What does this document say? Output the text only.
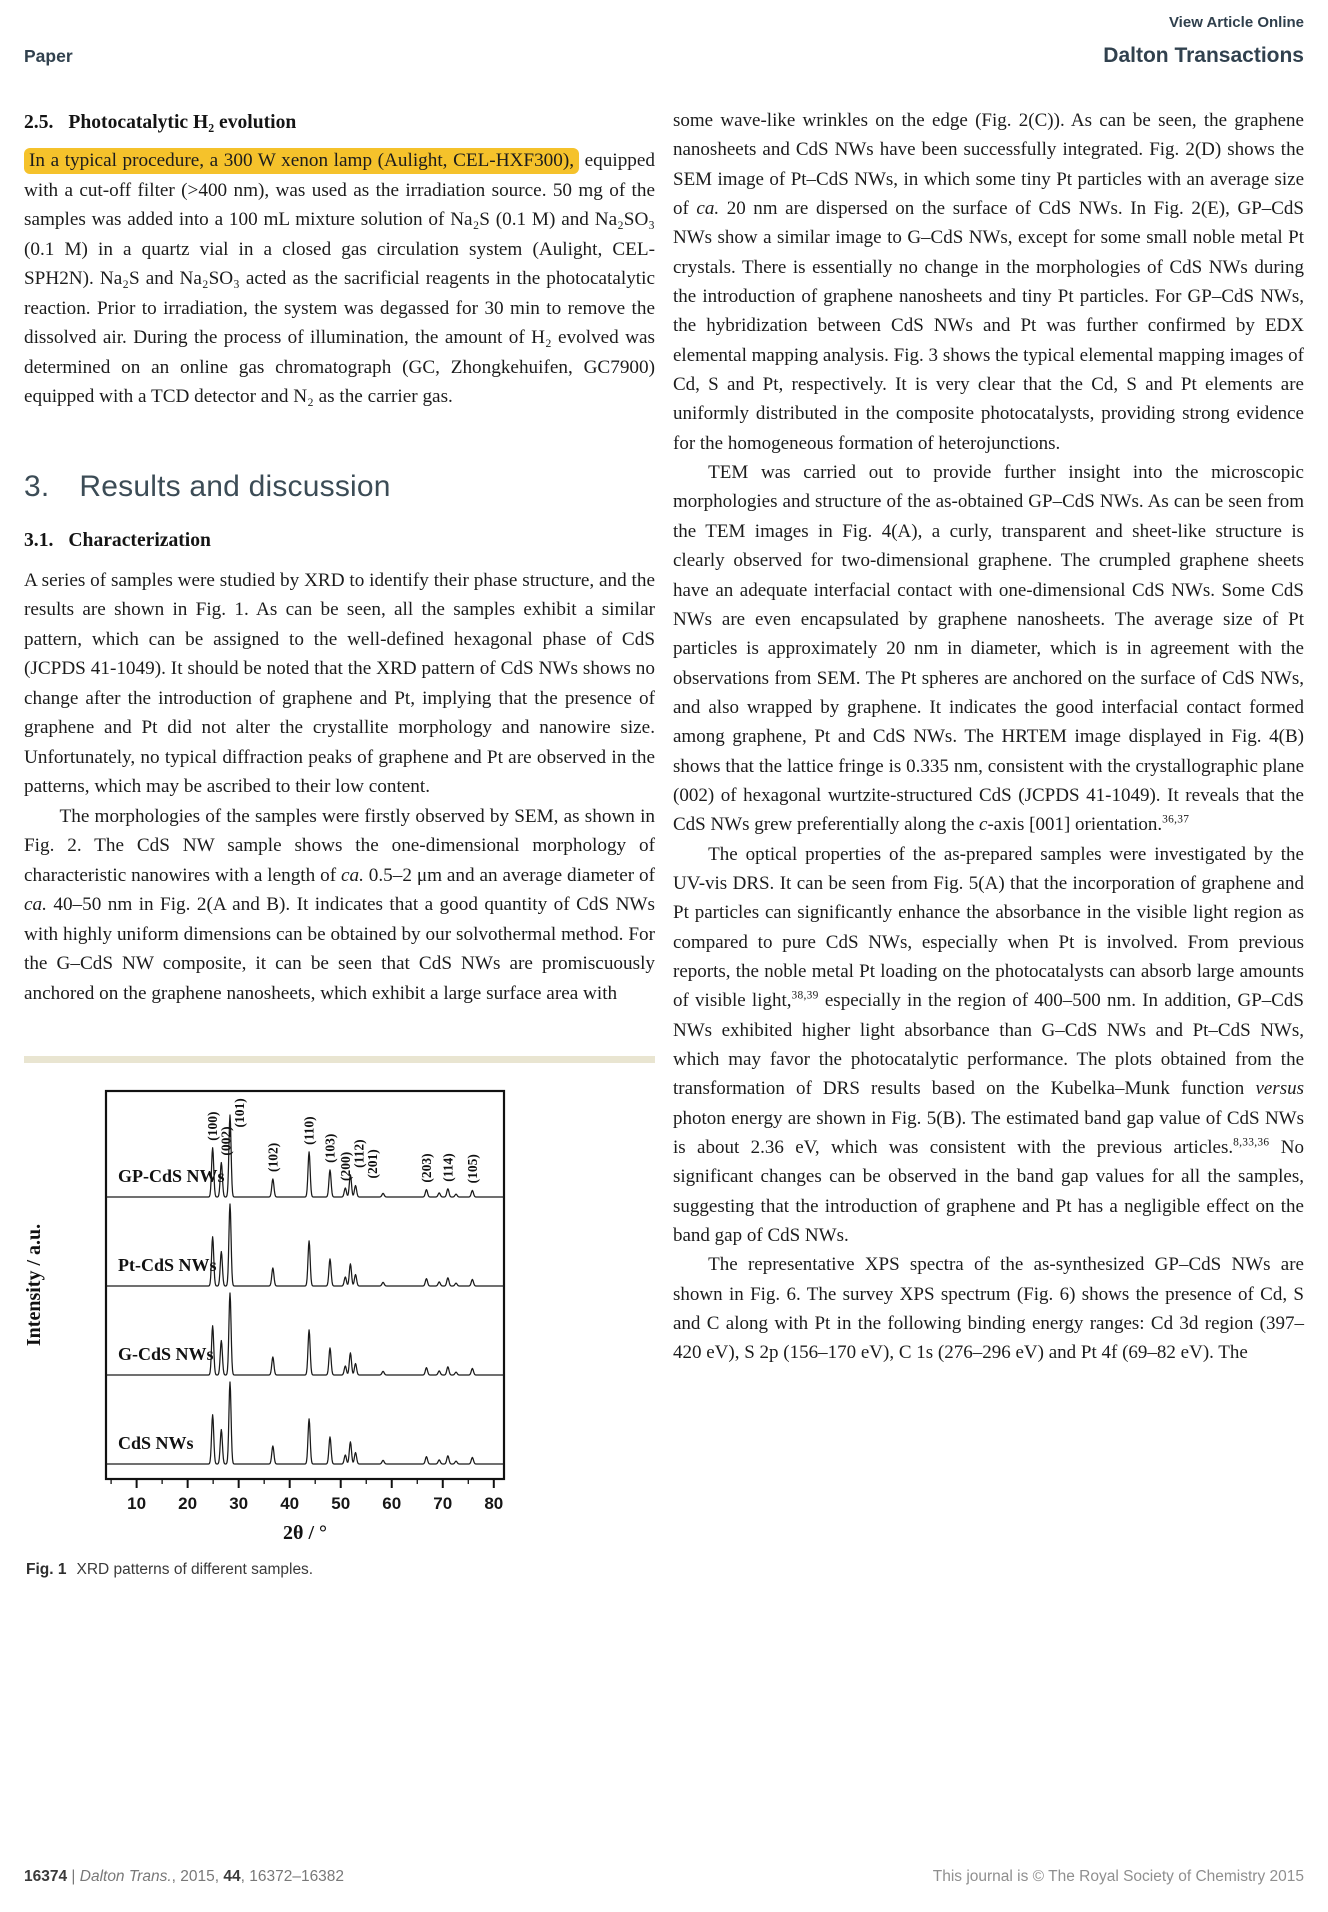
View Article Online
Paper	Dalton Transactions
2.5. Photocatalytic H₂ evolution

In a typical procedure, a 300 W xenon lamp (Aulight, CEL-HXF300), equipped with a cut-off filter (>400 nm), was used as the irradiation source. 50 mg of the samples was added into a 100 mL mixture solution of Na₂S (0.1 M) and Na₂SO₃ (0.1 M) in a quartz vial in a closed gas circulation system (Aulight, CEL-SPH2N). Na₂S and Na₂SO₃ acted as the sacrificial reagents in the photocatalytic reaction. Prior to irradiation, the system was degassed for 30 min to remove the dissolved air. During the process of illumination, the amount of H₂ evolved was determined on an online gas chromatograph (GC, Zhongkehuifen, GC7900) equipped with a TCD detector and N₂ as the carrier gas.

3. Results and discussion
3.1. Characterization

A series of samples were studied by XRD to identify their phase structure, and the results are shown in Fig. 1. As can be seen, all the samples exhibit a similar pattern, which can be assigned to the well-defined hexagonal phase of CdS (JCPDS 41-1049). It should be noted that the XRD pattern of CdS NWs shows no change after the introduction of graphene and Pt, implying that the presence of graphene and Pt did not alter the crystallite morphology and nanowire size. Unfortunately, no typical diffraction peaks of graphene and Pt are observed in the patterns, which may be ascribed to their low content.

The morphologies of the samples were firstly observed by SEM, as shown in Fig. 2. The CdS NW sample shows the one-dimensional morphology of characteristic nanowires with a length of ca. 0.5–2 μm and an average diameter of ca. 40–50 nm in Fig. 2(A and B). It indicates that a good quantity of CdS NWs with highly uniform dimensions can be obtained by our solvothermal method. For the G–CdS NW composite, it can be seen that CdS NWs are promiscuously anchored on the graphene nanosheets, which exhibit a large surface area with

10 20 30 40 50 60 70 80
2θ / °
Intensity / a.u.
GP-CdS NWs
Pt-CdS NWs
G-CdS NWs
CdS NWs
(100)
(002)
(101)
(102)
(110)
(103)
(200)
(112)
(201)	(203) (114) (105)

Fig. 1 XRD patterns of different samples.

some wave-like wrinkles on the edge (Fig. 2(C)). As can be seen, the graphene nanosheets and CdS NWs have been successfully integrated. Fig. 2(D) shows the SEM image of Pt–CdS NWs, in which some tiny Pt particles with an average size of ca. 20 nm are dispersed on the surface of CdS NWs. In Fig. 2(E), GP–CdS NWs show a similar image to G–CdS NWs, except for some small noble metal Pt crystals. There is essentially no change in the morphologies of CdS NWs during the introduction of graphene nanosheets and tiny Pt particles. For GP–CdS NWs, the hybridization between CdS NWs and Pt was further confirmed by EDX elemental mapping analysis. Fig. 3 shows the typical elemental mapping images of Cd, S and Pt, respectively. It is very clear that the Cd, S and Pt elements are uniformly distributed in the composite photocatalysts, providing strong evidence for the homogeneous formation of heterojunctions.

TEM was carried out to provide further insight into the microscopic morphologies and structure of the as-obtained GP–CdS NWs. As can be seen from the TEM images in Fig. 4(A), a curly, transparent and sheet-like structure is clearly observed for two-dimensional graphene. The crumpled graphene sheets have an adequate interfacial contact with one-dimensional CdS NWs. Some CdS NWs are even encapsulated by graphene nanosheets. The average size of Pt particles is approximately 20 nm in diameter, which is in agreement with the observations from SEM. The Pt spheres are anchored on the surface of CdS NWs, and also wrapped by graphene. It indicates the good interfacial contact formed among graphene, Pt and CdS NWs. The HRTEM image displayed in Fig. 4(B) shows that the lattice fringe is 0.335 nm, consistent with the crystallographic plane (002) of hexagonal wurtzite-structured CdS (JCPDS 41-1049). It reveals that the CdS NWs grew preferentially along the c-axis [001] orientation.$^{36,37}$

The optical properties of the as-prepared samples were investigated by the UV-vis DRS. It can be seen from Fig. 5(A) that the incorporation of graphene and Pt particles can significantly enhance the absorbance in the visible light region as compared to pure CdS NWs, especially when Pt is involved. From previous reports, the noble metal Pt loading on the photocatalysts can absorb large amounts of visible light,$^{38,39}$ especially in the region of 400–500 nm. In addition, GP–CdS NWs exhibited higher light absorbance than G–CdS NWs and Pt–CdS NWs, which may favor the photocatalytic performance. The plots obtained from the transformation of DRS results based on the Kubelka–Munk function versus photon energy are shown in Fig. 5(B). The estimated band gap value of CdS NWs is about 2.36 eV, which was consistent with the previous articles.$^{8,33,36}$ No significant changes can be observed in the band gap values for all the samples, suggesting that the introduction of graphene and Pt has a negligible effect on the band gap of CdS NWs.

The representative XPS spectra of the as-synthesized GP–CdS NWs are shown in Fig. 6. The survey XPS spectrum (Fig. 6) shows the presence of Cd, S and C along with Pt in the following binding energy ranges: Cd 3d region (397–420 eV), S 2p (156–170 eV), C 1s (276–296 eV) and Pt 4f (69–82 eV). The

16374 | Dalton Trans., 2015, 44, 16372–16382	This journal is © The Royal Society of Chemistry 2015
